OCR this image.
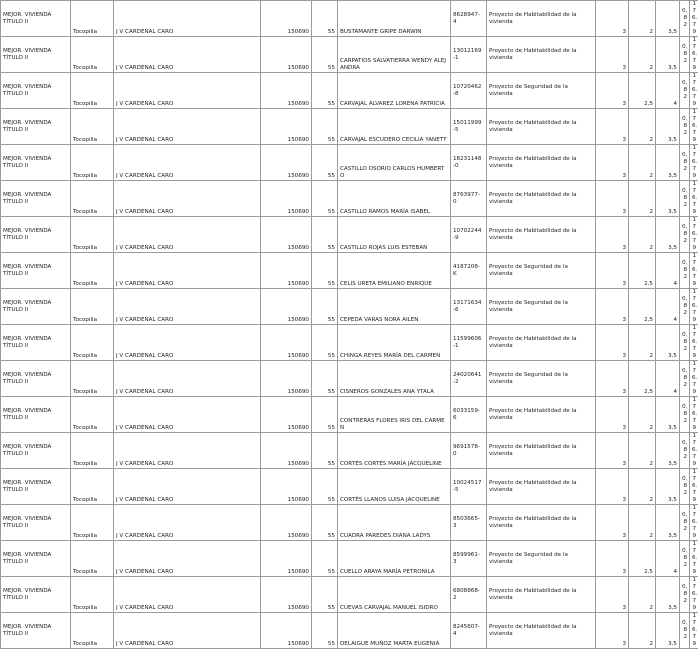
MEJOR. VIVIENDA
TÍTULO II	Tocopilla	J V CARDENAL CARO	150690	55	BUSTAMANTE GRIPE DARWIN	8628947-
4	Proyecto de Habitabilidad de la
vivienda	3	2	3,5	0,
8
2	176.79

MEJOR. VIVIENDA
TÍTULO II	Tocopilla	J V CARDENAL CARO	150690	55	CARPATIOS SALVATIERRA WENDY ALEJANDRA	13012169
-1	Proyecto de Habitabilidad de la
vivienda	3	2	3,5	0,
8
2	176.79

MEJOR. VIVIENDA
TÍTULO II	Tocopilla	J V CARDENAL CARO	150690	55	CARVAJAL ÁLVAREZ LORENA PATRICIA	10720462
-8	Proyecto de Seguridad de la
vivienda	3	2,5	4	0,
8
2	176.79

MEJOR. VIVIENDA
TÍTULO II	Tocopilla	J V CARDENAL CARO	150690	55	CARVAJAL ESCUDERO CECILIA YANETT	15011999
-5	Proyecto de Habitabilidad de la
vivienda	3	2	3,5	0,
8
2	176.79

MEJOR. VIVIENDA
TÍTULO II	Tocopilla	J V CARDENAL CARO	150690	55	CASTILLO OSORIO CARLOS HUMBERTO	18231148
-0	Proyecto de Habitabilidad de la
vivienda	3	2	3,5	0,
8
2	176.79

MEJOR. VIVIENDA
TÍTULO II	Tocopilla	J V CARDENAL CARO	150690	55	CASTILLO RAMOS MARÍA ISABEL	8763977-
0	Proyecto de Habitabilidad de la
vivienda	3	2	3,5	0,
8
2	176.79

MEJOR. VIVIENDA
TÍTULO II	Tocopilla	J V CARDENAL CARO	150690	55	CASTILLO ROJAS LUIS ESTEBAN	10702244
-9	Proyecto de Habitabilidad de la
vivienda	3	2	3,5	0,
8
2	176.79

MEJOR. VIVIENDA
TÍTULO II	Tocopilla	J V CARDENAL CARO	150690	55	CELIS URETA EMILIANO ENRIQUE	4187208-
K	Proyecto de Seguridad de la
vivienda	3	2,5	4	0,
8
2	176.79

MEJOR. VIVIENDA
TÍTULO II	Tocopilla	J V CARDENAL CARO	150690	55	CEPEDA VARAS NORA AILEN	13171634
-6	Proyecto de Seguridad de la
vivienda	3	2,5	4	0,
8
2	176.79

MEJOR. VIVIENDA
TÍTULO II	Tocopilla	J V CARDENAL CARO	150690	55	CHINGA REYES MARÍA DEL CARMEN	11599606
-1	Proyecto de Habitabilidad de la
vivienda	3	2	3,5	0,
8
2	176.79

MEJOR. VIVIENDA
TÍTULO II	Tocopilla	J V CARDENAL CARO	150690	55	CISNEROS GONZALES ANA YTALA	24020641
-2	Proyecto de Seguridad de la
vivienda	3	2,5	4	0,
8
2	176.79

MEJOR. VIVIENDA
TÍTULO II	Tocopilla	J V CARDENAL CARO	150690	55	CONTRERAS FLORES IRIS DEL CARMEN	6033159-
6	Proyecto de Habitabilidad de la
vivienda	3	2	3,5	0,
8
2	176.79

MEJOR. VIVIENDA
TÍTULO II	Tocopilla	J V CARDENAL CARO	150690	55	CORTÉS CORTÉS MARÍA JACQUELINE	9691578-
0	Proyecto de Habitabilidad de la
vivienda	3	2	3,5	0,
8
2	176.79

MEJOR. VIVIENDA
TÍTULO II	Tocopilla	J V CARDENAL CARO	150690	55	CORTÉS LLANOS LUISA JACQUELINE	10024517
-5	Proyecto de Habitabilidad de la
vivienda	3	2	3,5	0,
8
2	176.79

MEJOR. VIVIENDA
TÍTULO II	Tocopilla	J V CARDENAL CARO	150690	55	CUADRA PAREDES DIANA LADYS	8503665-
3	Proyecto de Habitabilidad de la
vivienda	3	2	3,5	0,
8
2	176.79

MEJOR. VIVIENDA
TÍTULO II	Tocopilla	J V CARDENAL CARO	150690	55	CUELLO ARAYA MARÍA PETRONILA	8599961-
3	Proyecto de Seguridad de la
vivienda	3	2,5	4	0,
8
2	176.79

MEJOR. VIVIENDA
TÍTULO II	Tocopilla	J V CARDENAL CARO	150690	55	CUEVAS CARVAJAL MANUEL ISIDRO	6808868-
2	Proyecto de Habitabilidad de la
vivienda	3	2	3,5	0,
8
2	176.79

MEJOR. VIVIENDA
TÍTULO II	Tocopilla	J V CARDENAL CARO	150690	55	DELAIGUE MUÑOZ MARTA EUGENIA	8245607-
4	Proyecto de Habitabilidad de la
vivienda	3	2	3,5	0,
8
2	176.79
